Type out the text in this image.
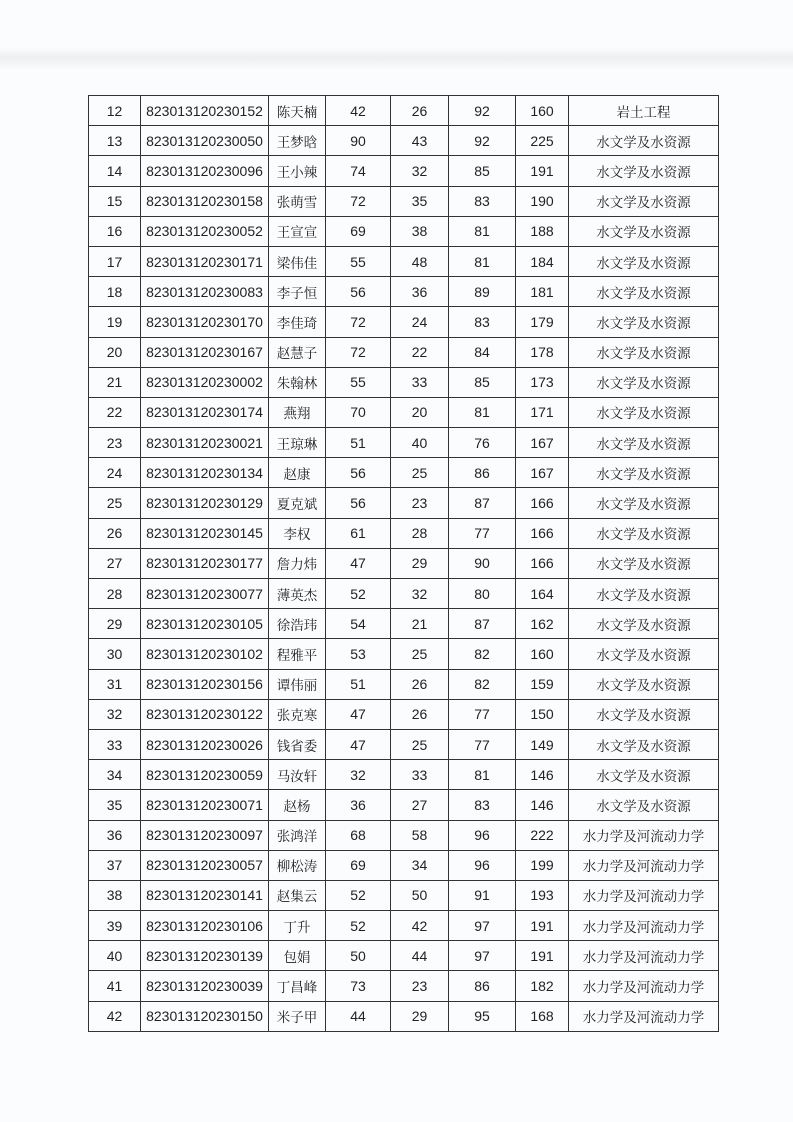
12	823013120230152	陈天楠	42	26	92	160	岩土工程
13	823013120230050	王梦晗	90	43	92	225	水文学及水资源
14	823013120230096	王小辣	74	32	85	191	水文学及水资源
15	823013120230158	张萌雪	72	35	83	190	水文学及水资源
16	823013120230052	王宣宣	69	38	81	188	水文学及水资源
17	823013120230171	梁伟佳	55	48	81	184	水文学及水资源
18	823013120230083	李子恒	56	36	89	181	水文学及水资源
19	823013120230170	李佳琦	72	24	83	179	水文学及水资源
20	823013120230167	赵慧子	72	22	84	178	水文学及水资源
21	823013120230002	朱翰林	55	33	85	173	水文学及水资源
22	823013120230174	燕翔	70	20	81	171	水文学及水资源
23	823013120230021	王琼琳	51	40	76	167	水文学及水资源
24	823013120230134	赵康	56	25	86	167	水文学及水资源
25	823013120230129	夏克斌	56	23	87	166	水文学及水资源
26	823013120230145	李权	61	28	77	166	水文学及水资源
27	823013120230177	詹力炜	47	29	90	166	水文学及水资源
28	823013120230077	薄英杰	52	32	80	164	水文学及水资源
29	823013120230105	徐浩玮	54	21	87	162	水文学及水资源
30	823013120230102	程雅平	53	25	82	160	水文学及水资源
31	823013120230156	谭伟丽	51	26	82	159	水文学及水资源
32	823013120230122	张克寒	47	26	77	150	水文学及水资源
33	823013120230026	钱省委	47	25	77	149	水文学及水资源
34	823013120230059	马汝轩	32	33	81	146	水文学及水资源
35	823013120230071	赵杨	36	27	83	146	水文学及水资源
36	823013120230097	张鸿洋	68	58	96	222	水力学及河流动力学
37	823013120230057	柳松涛	69	34	96	199	水力学及河流动力学
38	823013120230141	赵集云	52	50	91	193	水力学及河流动力学
39	823013120230106	丁升	52	42	97	191	水力学及河流动力学
40	823013120230139	包娟	50	44	97	191	水力学及河流动力学
41	823013120230039	丁昌峰	73	23	86	182	水力学及河流动力学
42	823013120230150	米子甲	44	29	95	168	水力学及河流动力学
